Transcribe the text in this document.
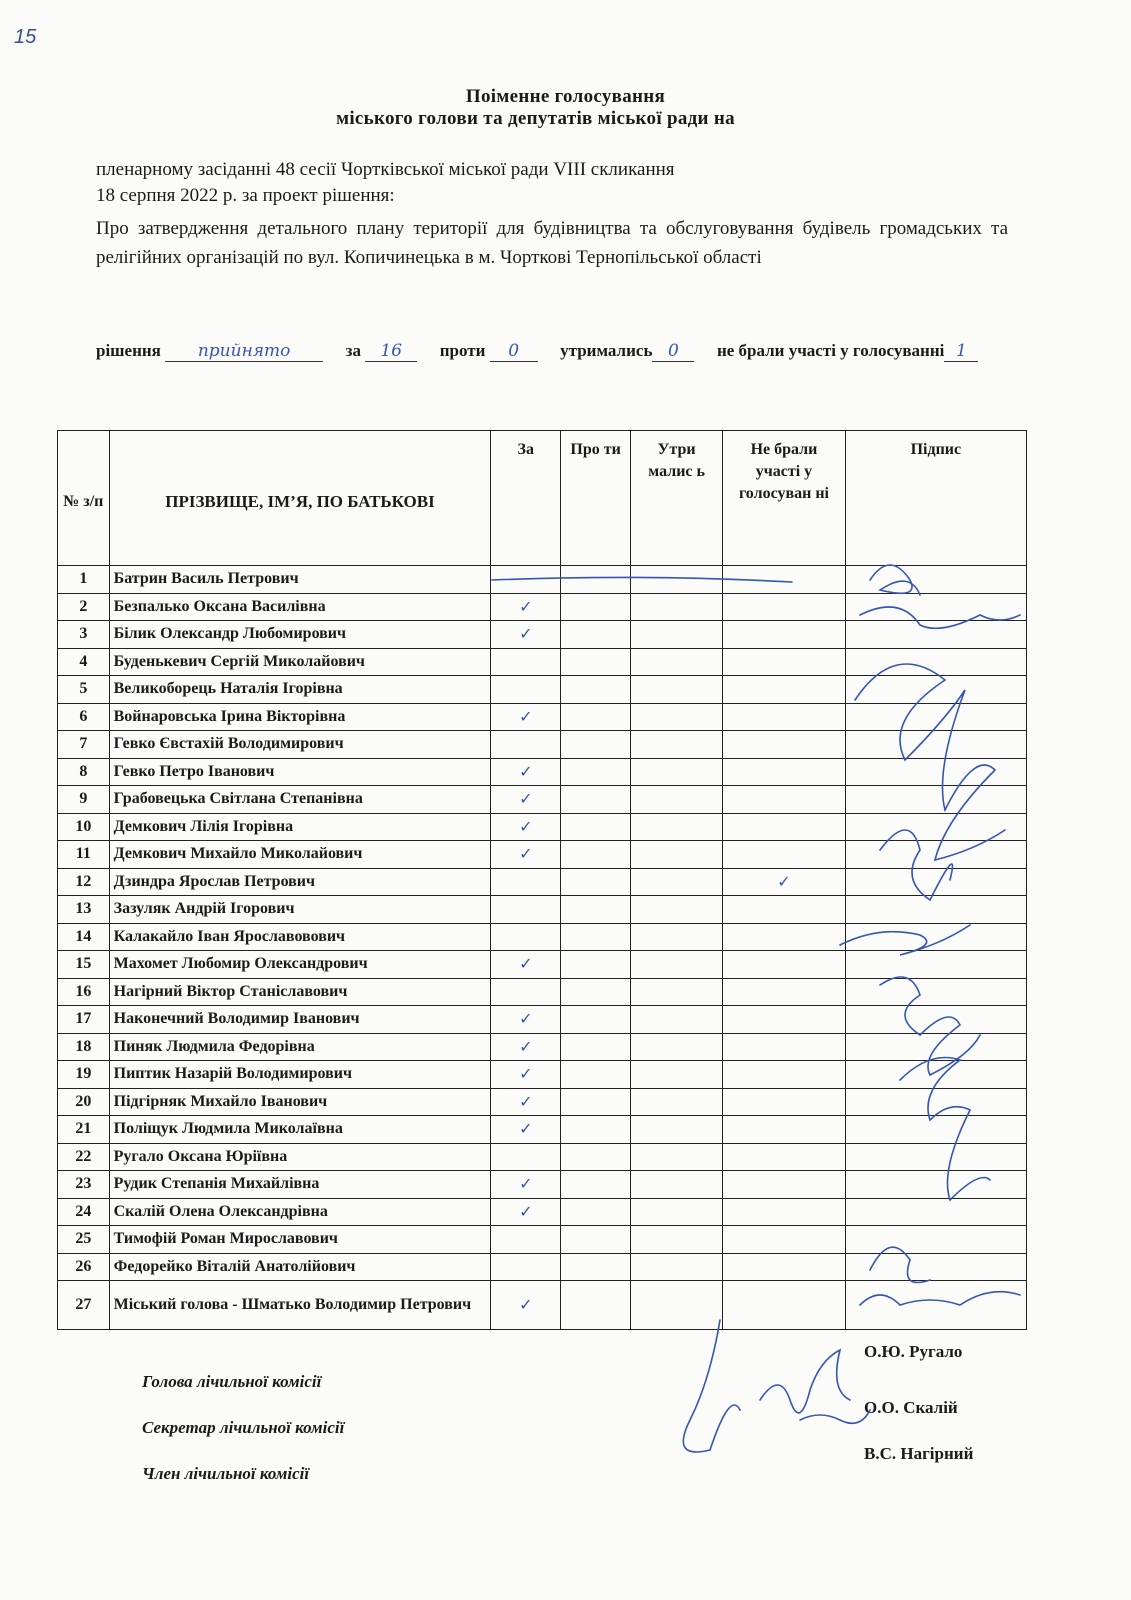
15
Поіменне голосування
міського голови та депутатів міської ради на
пленарному засіданні 48 сесії Чортківської міської ради VIII скликання
18 серпня 2022 р. за проект рішення:
Про затвердження детального плану території для будівництва та обслуговування будівель громадських та релігійних організацій по вул. Копичинецька в м. Чорткові Тернопільської області
рішення прийнято	за 16 проти 0 утримались 0 не брали участі у голосуванні 1
№ з/п	ПРІЗВИЩЕ, ІМ’Я, ПО БАТЬКОВІ	За	Про ти	Утри малис ь	Не брали участі у голосуван ні	Підпис
1	Батрин Василь Петрович					
2	Безпалько Оксана Василівна	✓				
3	Білик Олександр Любомирович	✓				
4	Буденькевич Сергій Миколайович					
5	Великоборець Наталія Ігорівна					
6	Войнаровська Ірина Вікторівна	✓				
7	Гевко Євстахій Володимирович					
8	Гевко Петро Іванович	✓				
9	Грабовецька Світлана Степанівна	✓				
10	Демкович Лілія Ігорівна	✓				
11	Демкович Михайло Миколайович	✓				
12	Дзиндра Ярослав Петрович				✓	
13	Зазуляк Андрій Ігорович					
14	Калакайло Іван Ярославовович					
15	Махомет Любомир Олександрович	✓				
16	Нагірний Віктор Станіславович					
17	Наконечний Володимир Іванович	✓				
18	Пиняк Людмила Федорівна	✓				
19	Пиптик Назарій Володимирович	✓				
20	Підгірняк Михайло Іванович	✓				
21	Поліщук Людмила Миколаївна	✓				
22	Ругало Оксана Юріївна					
23	Рудик Степанія Михайлівна	✓				
24	Скалій Олена Олександрівна	✓				
25	Тимофій Роман Мирославович					
26	Федорейко Віталій Анатолійович					
27	Міський голова - Шматько Володимир Петрович	✓				
Голова лічильної комісії
Секретар лічильної комісії
Член лічильної комісії
О.Ю. Ругало
О.О. Скалій
В.С. Нагірний
